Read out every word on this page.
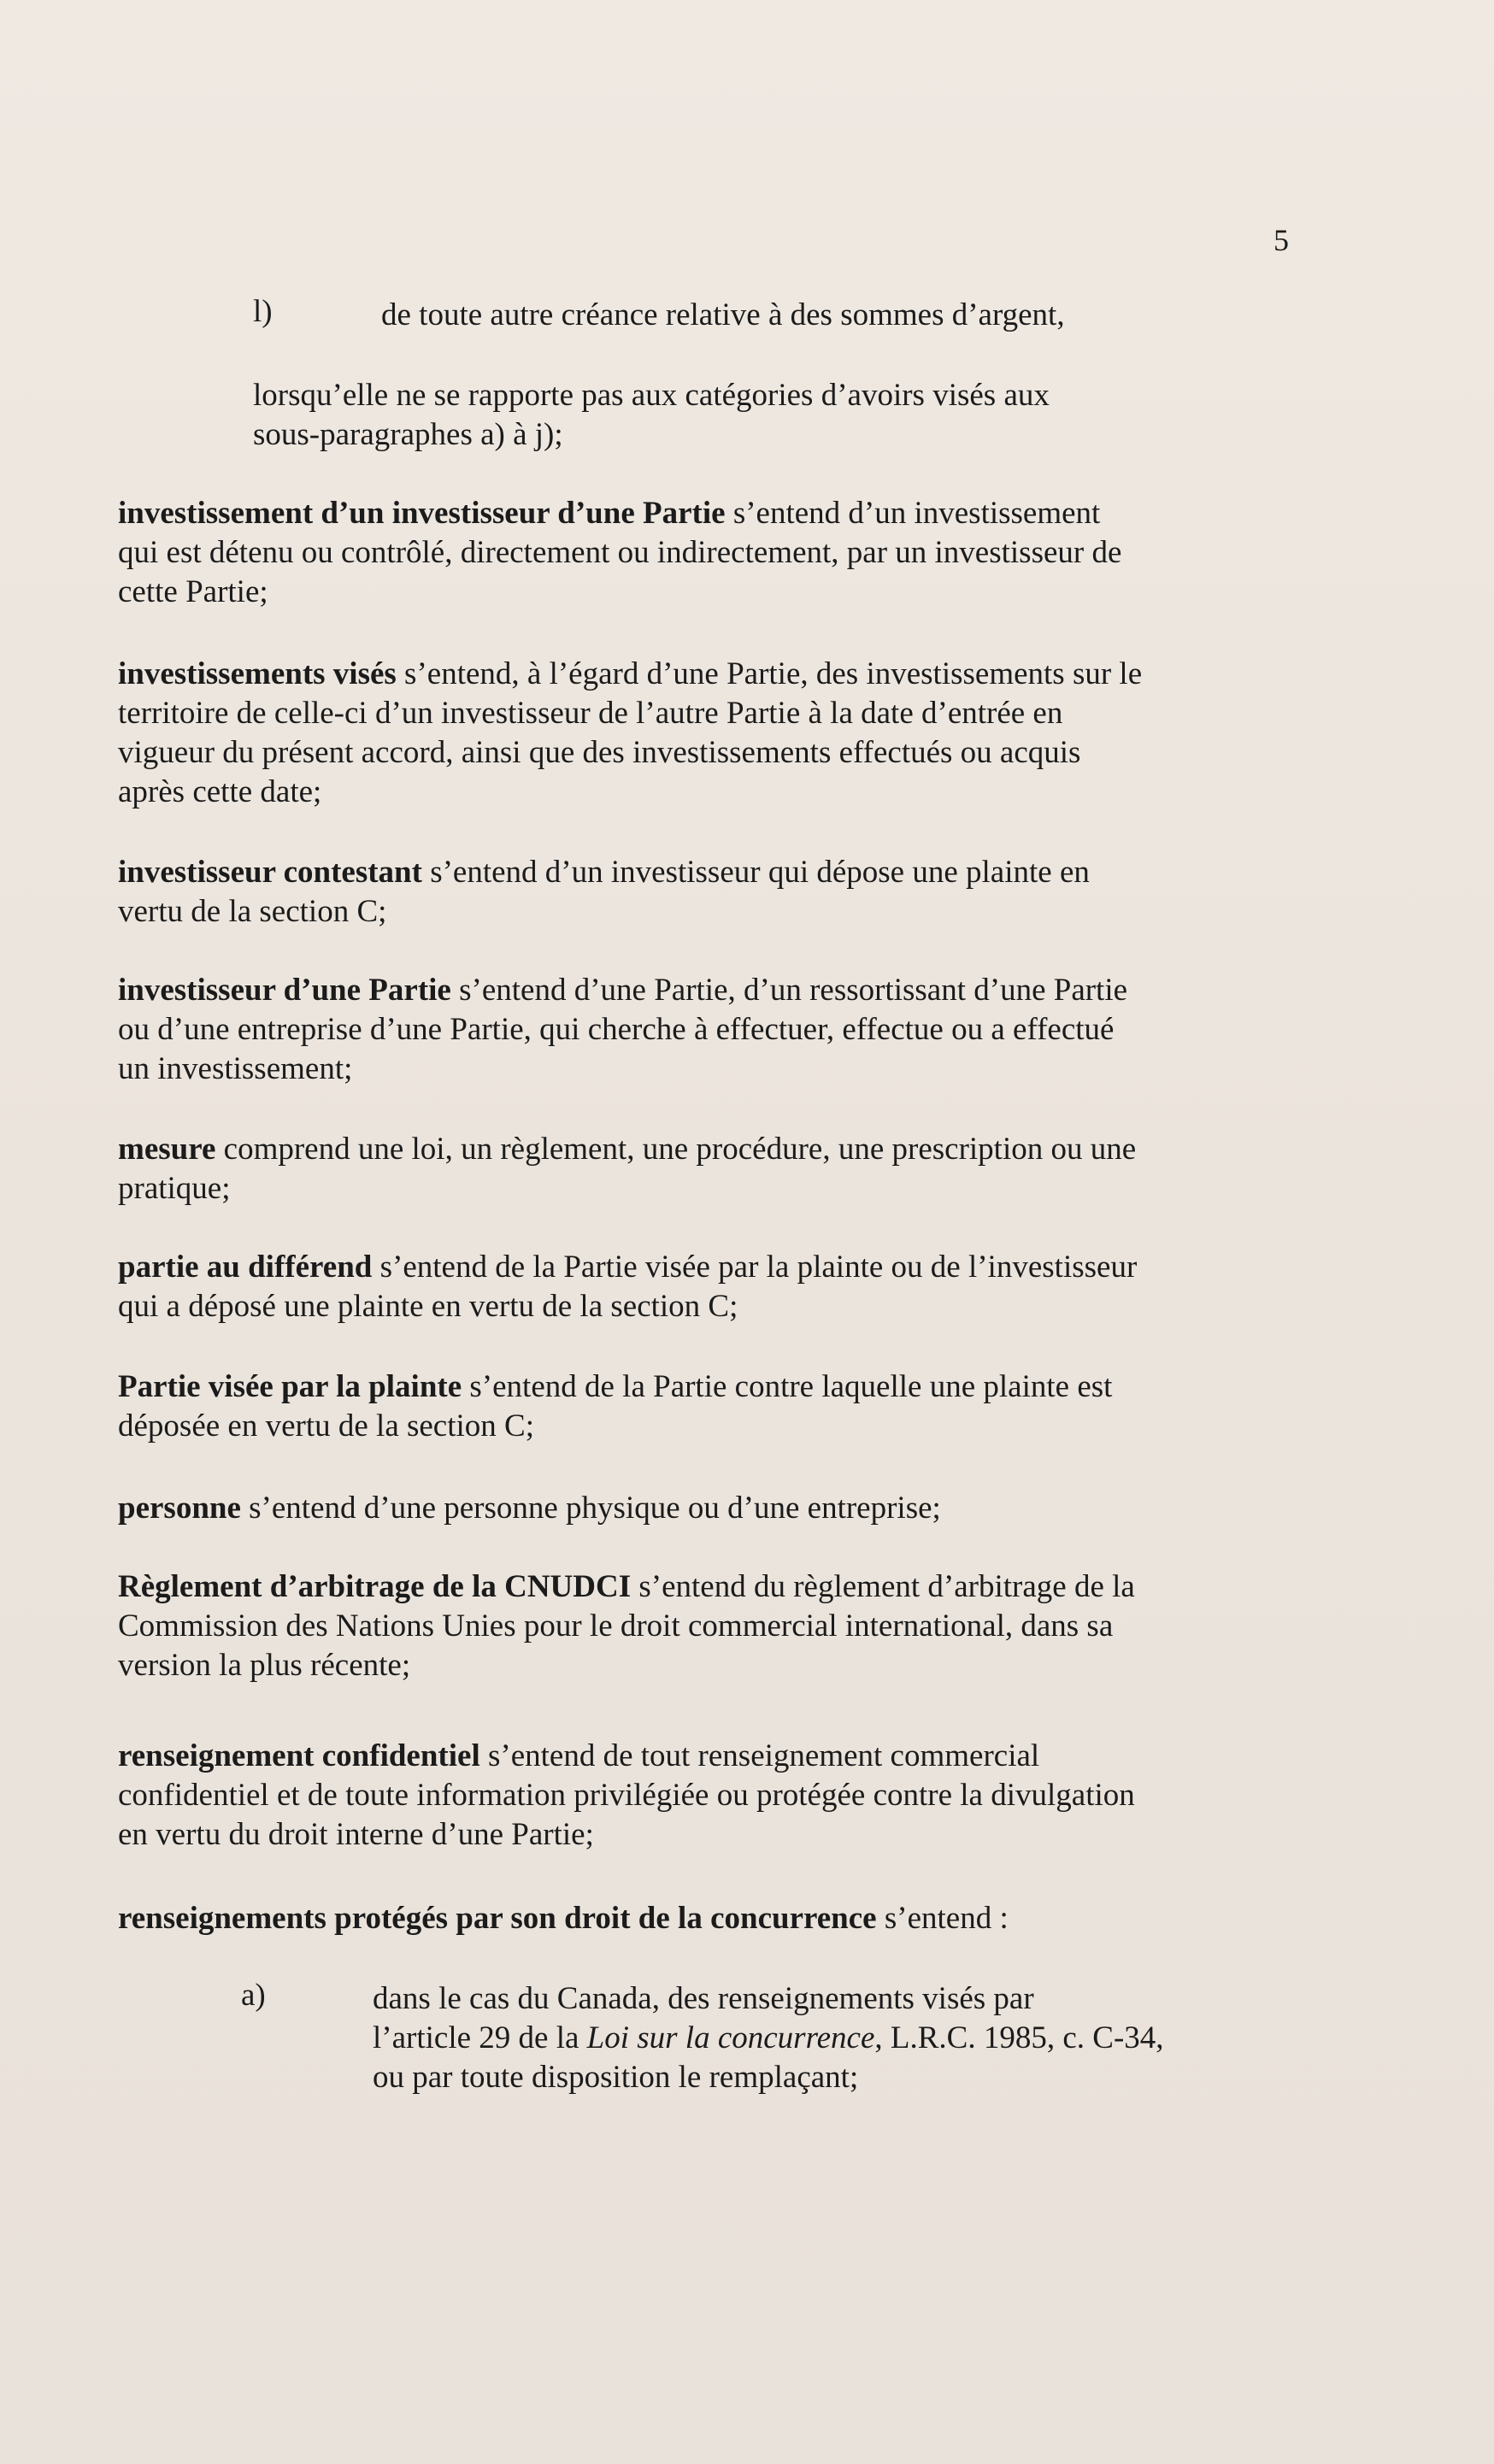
5
l)	de toute autre créance relative à des sommes d’argent,
lorsqu’elle ne se rapporte pas aux catégories d’avoirs visés aux
sous-paragraphes a) à j);
investissement d’un investisseur d’une Partie s’entend d’un investissement
qui est détenu ou contrôlé, directement ou indirectement, par un investisseur de
cette Partie;
investissements visés s’entend, à l’égard d’une Partie, des investissements sur le
territoire de celle-ci d’un investisseur de l’autre Partie à la date d’entrée en
vigueur du présent accord, ainsi que des investissements effectués ou acquis
après cette date;
investisseur contestant s’entend d’un investisseur qui dépose une plainte en
vertu de la section C;
investisseur d’une Partie s’entend d’une Partie, d’un ressortissant d’une Partie
ou d’une entreprise d’une Partie, qui cherche à effectuer, effectue ou a effectué
un investissement;
mesure comprend une loi, un règlement, une procédure, une prescription ou une
pratique;
partie au différend s’entend de la Partie visée par la plainte ou de l’investisseur
qui a déposé une plainte en vertu de la section C;
Partie visée par la plainte s’entend de la Partie contre laquelle une plainte est
déposée en vertu de la section C;
personne s’entend d’une personne physique ou d’une entreprise;
Règlement d’arbitrage de la CNUDCI s’entend du règlement d’arbitrage de la
Commission des Nations Unies pour le droit commercial international, dans sa
version la plus récente;
renseignement confidentiel s’entend de tout renseignement commercial
confidentiel et de toute information privilégiée ou protégée contre la divulgation
en vertu du droit interne d’une Partie;
renseignements protégés par son droit de la concurrence s’entend :
a)	dans le cas du Canada, des renseignements visés par
l’article 29 de la Loi sur la concurrence, L.R.C. 1985, c. C-34,
ou par toute disposition le remplaçant;
